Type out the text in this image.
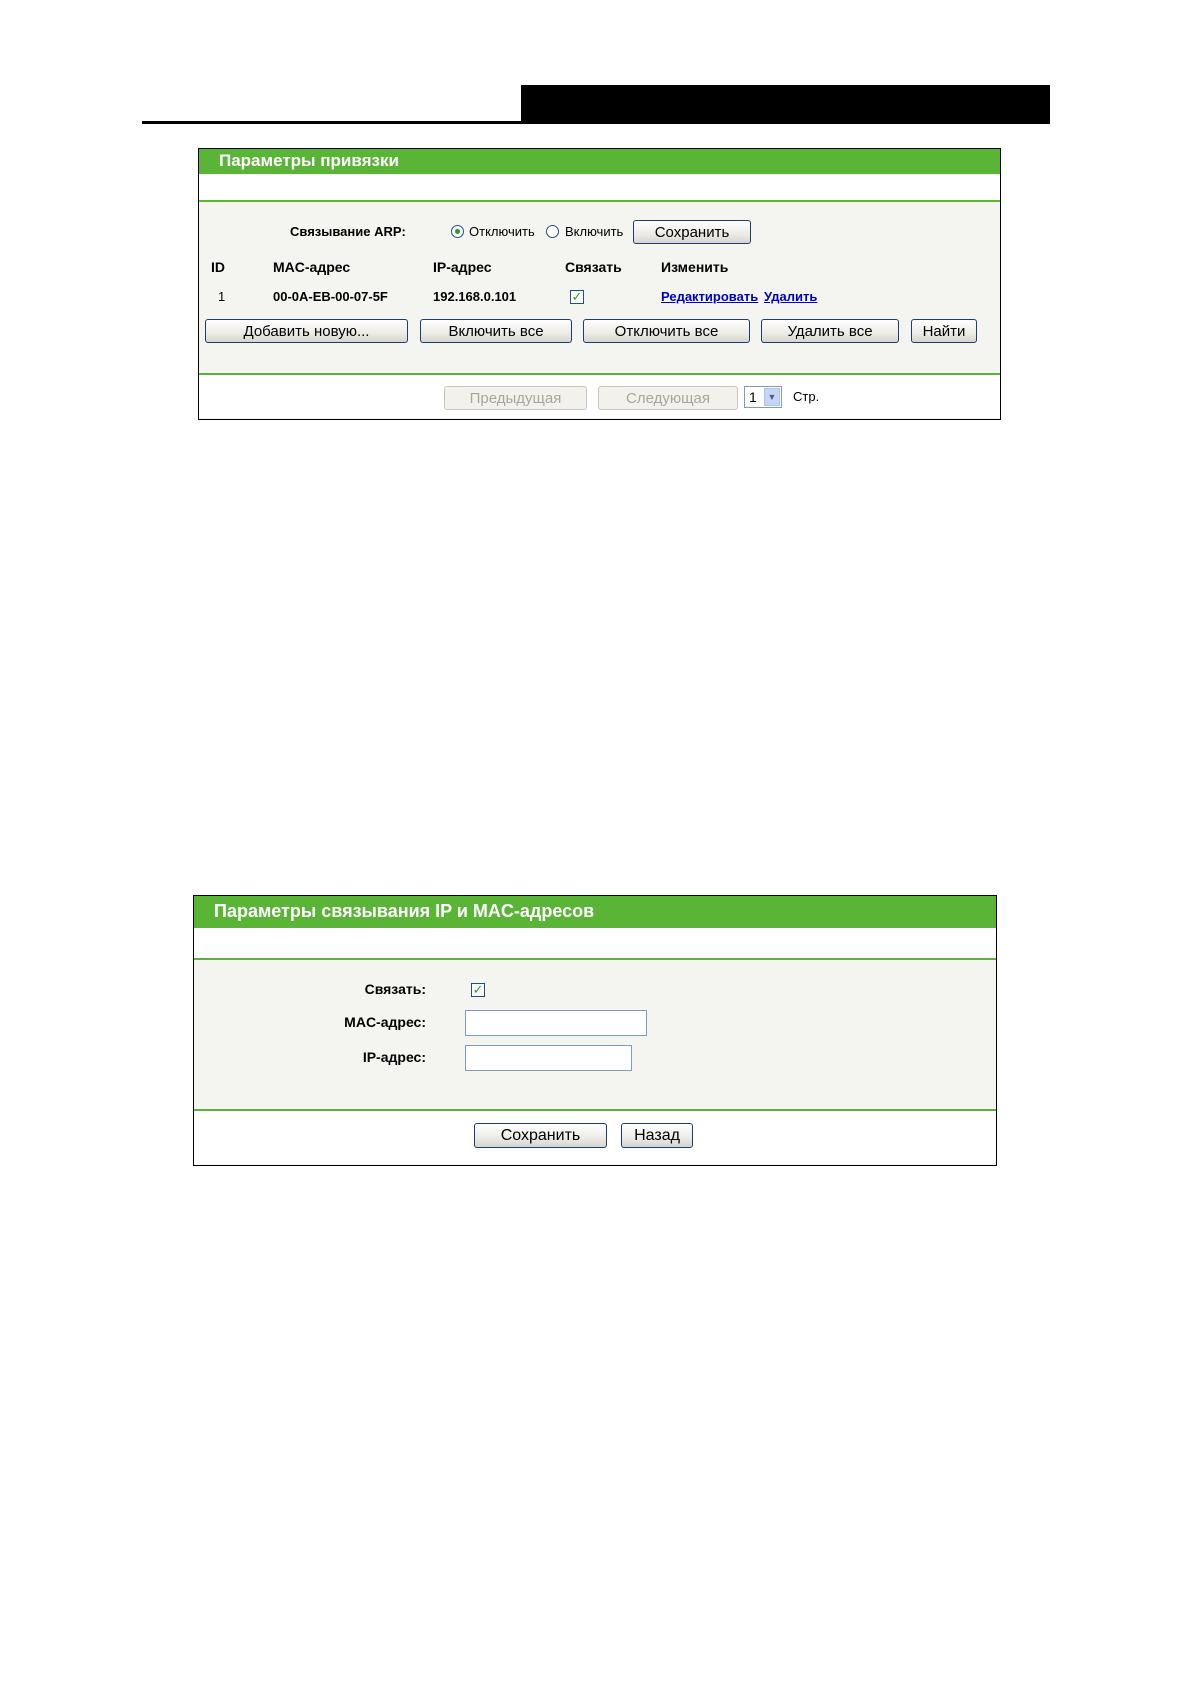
Параметры привязки
Связывание ARP:	Отключить Включить	Сохранить
ID	MAC-адрес	IP-адрес	Связать	Изменить
1	00-0A-EB-00-07-5F	192.168.0.101	✓	Редактировать Удалить
Добавить новую...	Включить все	Отключить все	Удалить все	Найти
Предыдущая	Следующая	1	▼ Стр.
Параметры связывания IP и MAC-адресов
Связать:	✓
MAC-адрес:
IP-адрес:
Сохранить	Назад
